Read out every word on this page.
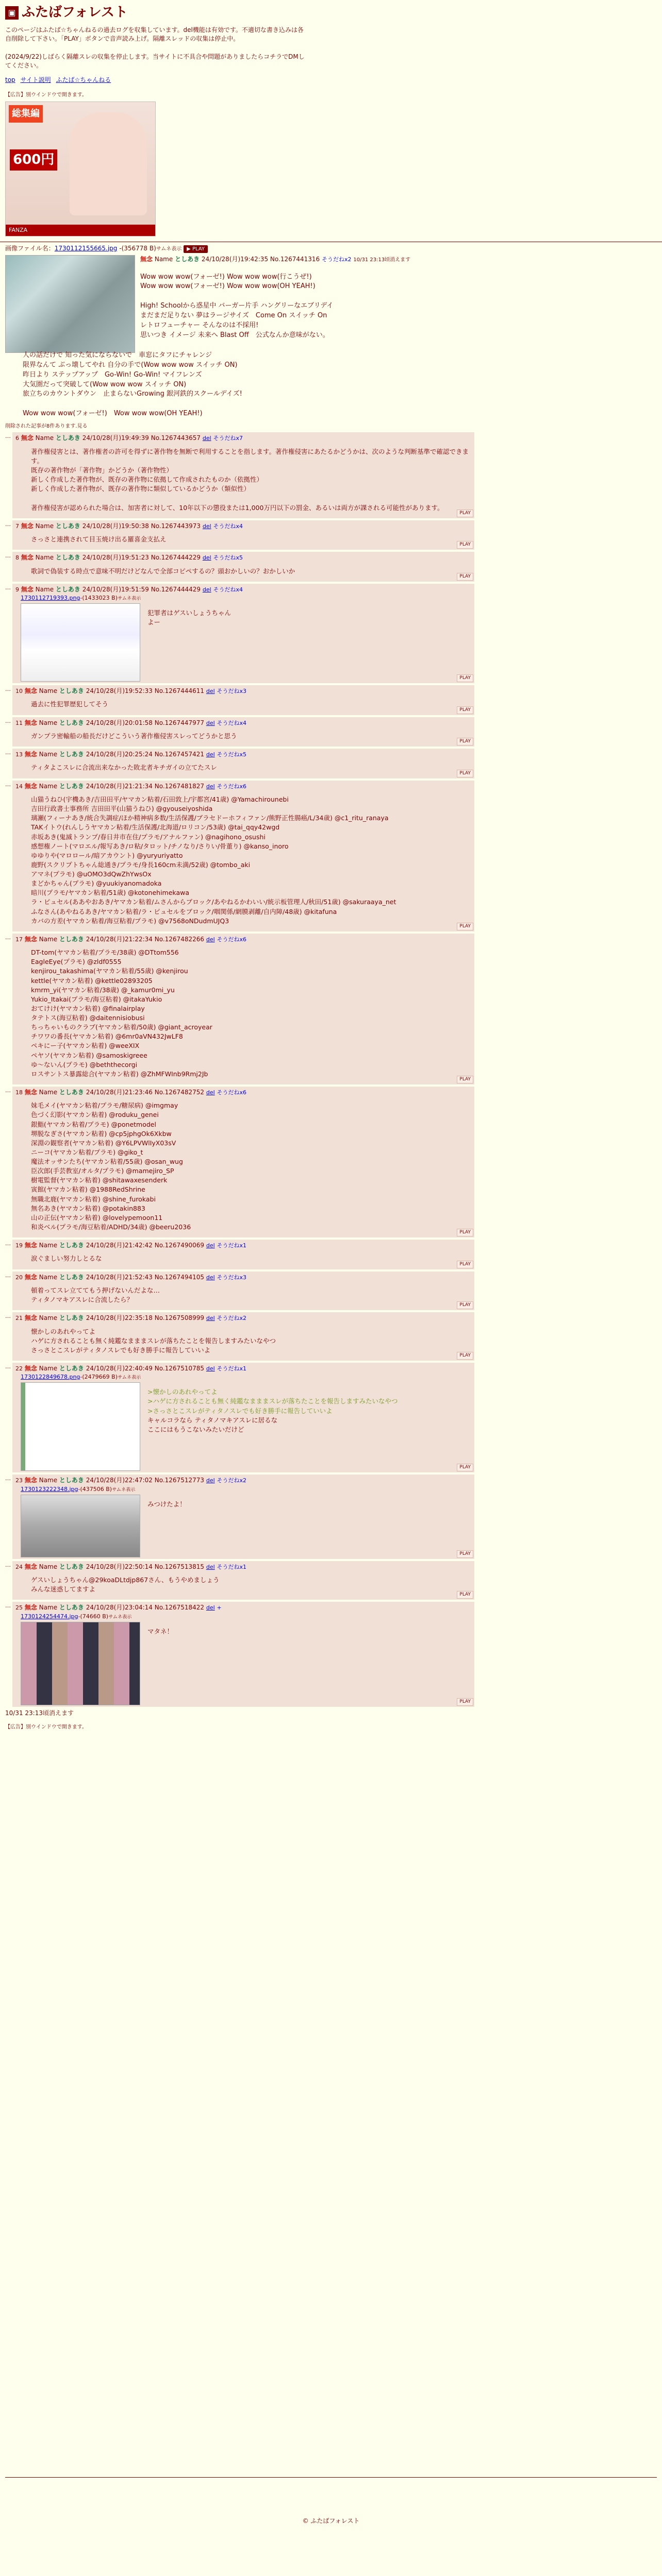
▣ ふたばフォレスト
このページはふたば☆ちゃんねるの過去ログを収集しています。del機能は有効です。不適切な書き込みは各自削除して下さい。「PLAY」ボタンで音声読み上げ。隔離スレッドの収集は停止中。

(2024/9/22)しばらく隔離スレの収集を停止します。当サイトに不具合や問題がありましたらコチラでDMしてください。
top サイト説明 ふたば☆ちゃんねる
【広告】別ウインドウで開きます。
総集編
600円
FANZA
画像ファイル名：1730112155665.jpg -(356778 B)サムネ表示 ▶ PLAY
無念 Name としあき 24/10/28(月)19:42:35 No.1267441316 そうだねx2 10/31 23:13頃消えます
Wow wow wow(フォーゼ!) Wow wow wow(行こうぜ!)
Wow wow wow(フォーゼ!) Wow wow wow(OH YEAH!)

High! Schoolから惑星中 バーガー片手 ハングリーなエブリデイ
まだまだ足りない 夢はラージサイズ　Come On スイッチ On
レトロフューチャー そんなのは不採用!
思いつき イメージ 未来へ Blast Off　公式なんか意味がない。
人の話だけで 知った気にならないで　車窓にタフにチャレンジ
限界なんて ぶっ壊してやれ 自分の手で(Wow wow wow スイッチ ON)
昨日より ステップアップ　Go-Win! Go-Win! マイフレンズ
大気圏だって突破して(Wow wow wow スイッチ ON)
旅立ちのカウントダウン　止まらないGrowing 銀河鉄的スクールデイズ!

Wow wow wow(フォーゼ!)　Wow wow wow(OH YEAH!)
削除された記事が8件あります.見る
… 6 無念 Name としあき 24/10/28(月)19:49:39 No.1267443657 del そうだねx7
著作権侵害とは、著作権者の許可を得ずに著作物を無断で利用することを指します。著作権侵害にあたるかどうかは、次のような判断基準で確認できます。
既存の著作物が「著作物」かどうか（著作物性）
新しく作成した著作物が、既存の著作物に依拠して作成されたものか（依拠性）
新しく作成した著作物が、既存の著作物に類似しているかどうか（類似性）

著作権侵害が認められた場合は、加害者に対して、10年以下の懲役または1,000万円以下の罰金、あるいは両方が課される可能性があります。
PLAY
… 7 無念 Name としあき 24/10/28(月)19:50:38 No.1267443973 del そうだねx4
さっさと連携されて目玉焼け出る羅喜金支払え
PLAY
… 8 無念 Name としあき 24/10/28(月)19:51:23 No.1267444229 del そうだねx5
歌詞で偽装する時点で意味不明だけどなんで全部コピペするの？頭おかしいの？おかしいか
PLAY
… 9 無念 Name としあき 24/10/28(月)19:51:59 No.1267444429 del そうだねx4
1730112719393.png-(1433023 B)サムネ表示
犯罪者はゲスいしょうちゃん
よー
PLAY
… 10 無念 Name としあき 24/10/28(月)19:52:33 No.1267444611 del そうだねx3
過去に性犯罪歴犯してそう
PLAY
… 11 無念 Name としあき 24/10/28(月)20:01:58 No.1267447977 del そうだねx4
ガンプラ密輸船の船長だけどこういう著作権侵害スレってどうかと思う
PLAY
… 13 無念 Name としあき 24/10/28(月)20:25:24 No.1267457421 del そうだねx5
ティタよこスレに合流出来なかった敗北者キチガイの立てたスレ
PLAY
… 14 無念 Name としあき 24/10/28(月)21:21:34 No.1267481827 del そうだねx6
山猫うねひ(宇機あき/吉田田平/ヤマカン粘着/石田敦上/宇都宮/41歳) @Yamachirounebi
吉田行政書士事務所 吉田田平(山猫うねひ) @gyouseiyoshida
璃瀬(フィーナあき/統合失調症/ほか精神病多数/生活保護/ブラセドーホフィファン/熊野正性腸癌/L/34歳) @c1_ritu_ranaya
TAKイトウ(れんしうヤマカン粘着/生活保護/北海道/ロリコン/53歳) @tai_qqy42wgd
赤坂あき(鬼滅トランプ/春日井市在住/プラモ/アナルファン) @nagihono_osushi
感想権ノート(マロエル/報写あき/ロ粘/タロット/チノなり/さりい/骨董り) @kanso_inoro
ゆゆりや(マロロール/暗アカウント) @yuryuriyatto
鹿野(スクリプトちゃん総通き/プラモ/身長160cm未満/52歳) @tombo_aki
アマネ(プラモ) @uOMO3dQwZhYwsOx
まどかちゃん(プラモ) @yuukiyanomadoka
暗川(プラモ/ヤマカン粘着/51歳) @kotonehimekawa
ラ・ピュセル(ああやおあき/ヤマカン粘着/ムさんからブロック/あやねるかわいい/統示板管理人/秋田/51歳) @sakuraaya_net
ふなさん(あやねるあき/ヤマカン粘着/ラ・ピュセルをブロック/咽関係/網膜剥離/自内障/48歳) @kitafuna
カバの方差(ヤマカン粘着/海豆粘着/プラモ) @v7568oNDudmUJQ3
PLAY
… 17 無念 Name としあき 24/10/28(月)21:22:34 No.1267482266 del そうだねx6
DT-tom(ヤマカン粘着/プラモ/38歳) @DTtom556
EagleEye(プラモ) @zldf0555
kenjirou_takashima(ヤマカン粘着/55歳) @kenjirou
kettle(ヤマカン粘着) @kettle02893205
kmrm_yi(ヤマカン粘着/38歳) @_kamur0mi_yu
Yukio_Itakai(プラモ/海豆粘着) @itakaYukio
おてけけ(ヤマカン粘着) @finalairplay
タテトス(海豆粘着) @daitennisiobusi
ちっちゃいものクラブ(ヤマカン粘着/50歳) @giant_acroyear
チワワの番長(ヤマカン粘着) @6mr0aVN432JwLF8
ペキにー子(ヤマカン粘着) @weeXIX
ペヤソ(ヤマカン粘着) @samoskigreee
ゆ～ないん(プラモ) @beththecorgi
ロスサントス暴露総合(ヤマカン粘着) @ZhMFWInb9Rmj2Jb
PLAY
… 18 無念 Name としあき 24/10/28(月)21:23:46 No.1267482752 del そうだねx6
妹毛メイ(ヤマカン粘着/プラモ/糖尿病) @imgmay
色づく幻影(ヤマカン粘着) @roduku_genei
銀鮨(ヤマカン粘着/プラモ) @ponetmodel
堺脱なぎさ(ヤマカン粘着) @cp5jphgOk6Xkbw
深淵の観察者(ヤマカン粘着) @Y6LPVWlIyX03sV
ニーコ(ヤマカン粘着/プラモ) @giko_t
魔法オッサンたち(ヤマカン粘着/55歳) @osan_wug
臣次郎(手芸教室/オルタ/プラモ) @mamejiro_SP
樹電監督(ヤマカン粘着) @shitawaxesenderk
寅館(ヤマカン粘着) @1988RedShrine
無職北鹿(ヤマカン粘着) @shine_furokabi
無名あき(ヤマカン粘着) @potakin883
山の正伝(ヤマカン粘着) @lovelypemoon11
和炎ベル(プラモ/海豆粘着/ADHD/34歳) @beeru2036
PLAY
… 19 無念 Name としあき 24/10/28(月)21:42:42 No.1267490069 del そうだねx1
涙ぐましい努力しとるな
PLAY
… 20 無念 Name としあき 24/10/28(月)21:52:43 No.1267494105 del そうだねx3
頓着ってスレ立ててもう押げないんだよな…
ティタノマキアスレに合流したら？
PLAY
… 21 無念 Name としあき 24/10/28(月)22:35:18 No.1267508999 del そうだねx2
懐かしのあれやってよ
ハゲに方されることも無く純鑑なまままスレが落ちたことを報告しますみたいなやつ
さっさとこスレがティタノスレでも好き勝手に報告していいよ
PLAY
… 22 無念 Name としあき 24/10/28(月)22:40:49 No.1267510785 del そうだねx1
1730122849678.png-(2479669 B)サムネ表示
>懐かしのあれやってよ
>ハゲに方されることも無く純鑑なまままスレが落ちたことを報告しますみたいなやつ
>さっさとこスレがティタノスレでも好き勝手に報告していいよ
キャルコラなら ティタノマキアスレに居るな
ここにはもうこないみたいだけど
PLAY
… 23 無念 Name としあき 24/10/28(月)22:47:02 No.1267512773 del そうだねx2
1730123222348.jpg-(437506 B)サムネ表示
みつけたよ！
PLAY
… 24 無念 Name としあき 24/10/28(月)22:50:14 No.1267513815 del そうだねx1
ゲスいしょうちゃん@29koaDLtdjp867さん、もうやめましょう
みんな迷惑してますよ
PLAY
… 25 無念 Name としあき 24/10/28(月)23:04:14 No.1267518422 del +
1730124254474.jpg-(74660 B)サムネ表示
マタネ！
PLAY
10/31 23:13頃消えます
【広告】別ウインドウで開きます。
© ふたばフォレスト
